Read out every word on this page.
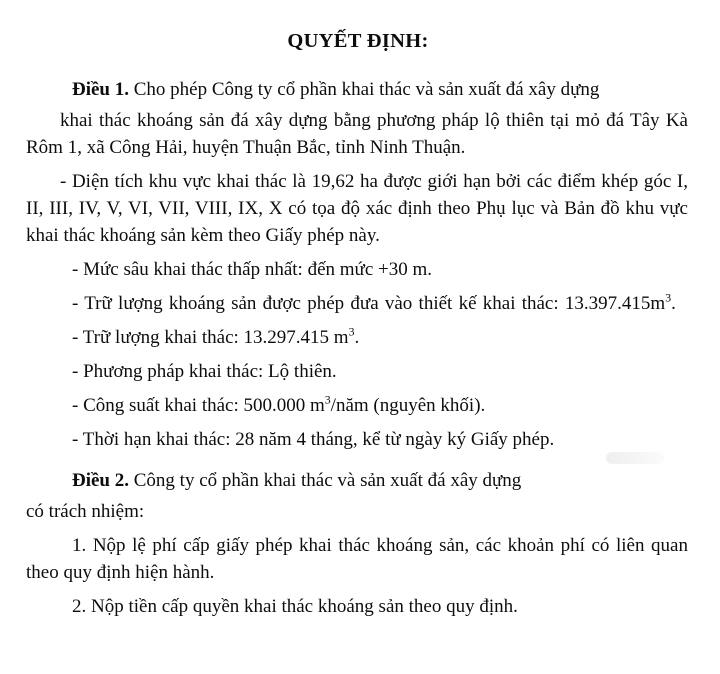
QUYẾT ĐỊNH:

Điều 1. Cho phép Công ty cổ phần khai thác và sản xuất đá xây dựng

khai thác khoáng sản đá xây dựng bằng phương pháp lộ thiên tại mỏ đá Tây Kà Rôm 1, xã Công Hải, huyện Thuận Bắc, tỉnh Ninh Thuận.

- Diện tích khu vực khai thác là 19,62 ha được giới hạn bởi các điểm khép góc I, II, III, IV, V, VI, VII, VIII, IX, X có tọa độ xác định theo Phụ lục và Bản đồ khu vực khai thác khoáng sản kèm theo Giấy phép này.

- Mức sâu khai thác thấp nhất: đến mức +30 m.

- Trữ lượng khoáng sản được phép đưa vào thiết kế khai thác: $13.397.415m^3$.

- Trữ lượng khai thác: 13.297.415 $m^3$.

- Phương pháp khai thác: Lộ thiên.

- Công suất khai thác: 500.000 $m^3$/năm (nguyên khối).

- Thời hạn khai thác: 28 năm 4 tháng, kể từ ngày ký Giấy phép.

Điều 2. Công ty cổ phần khai thác và sản xuất đá xây dựng

có trách nhiệm:

1. Nộp lệ phí cấp giấy phép khai thác khoáng sản, các khoản phí có liên quan theo quy định hiện hành.

2. Nộp tiền cấp quyền khai thác khoáng sản theo quy định.
